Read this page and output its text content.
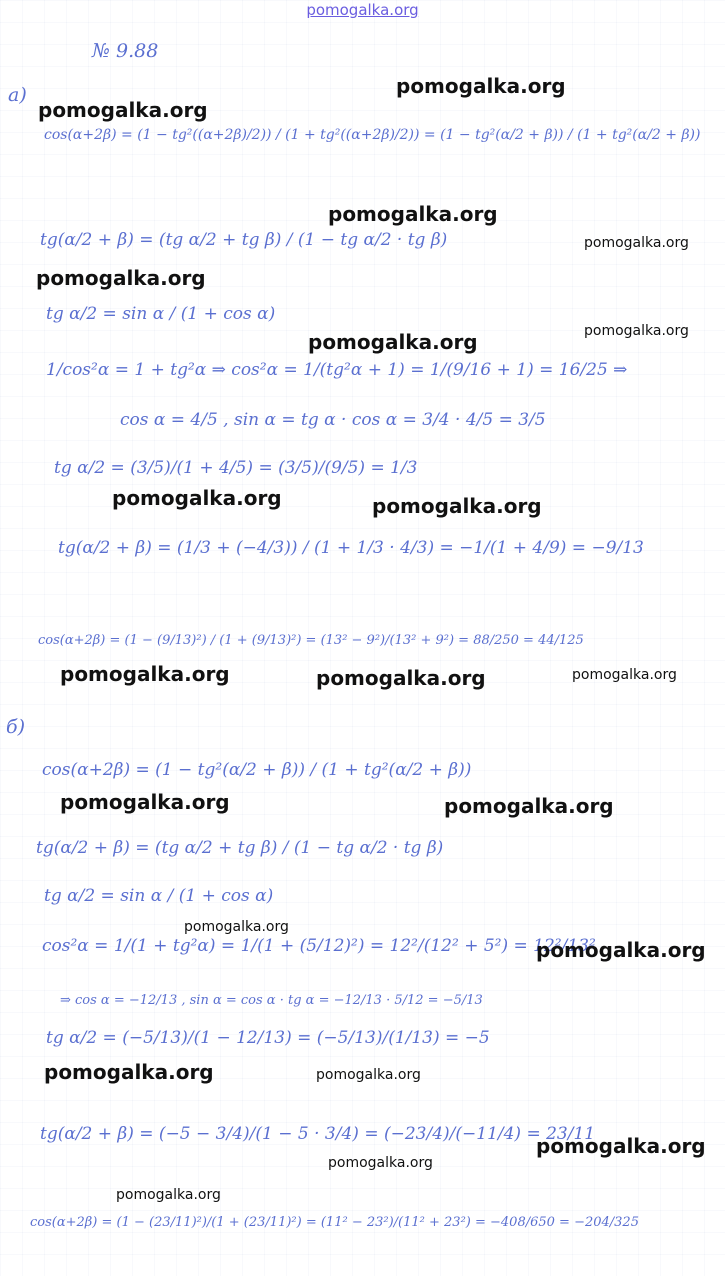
pomogalka.org
№ 9.88
а)
cos(α+2β) = (1 − tg²((α+2β)/2)) / (1 + tg²((α+2β)/2)) = (1 − tg²(α/2 + β)) / (1 + tg²(α/2 + β))
tg(α/2 + β) = (tg α/2 + tg β) / (1 − tg α/2 · tg β)
tg α/2 = sin α / (1 + cos α)
1/cos²α = 1 + tg²α ⇒ cos²α = 1/(tg²α + 1) = 1/(9/16 + 1) = 16/25 ⇒
cos α = 4/5 , sin α = tg α · cos α = 3/4 · 4/5 = 3/5
tg α/2 = (3/5)/(1 + 4/5) = (3/5)/(9/5) = 1/3
tg(α/2 + β) = (1/3 + (−4/3)) / (1 + 1/3 · 4/3) = −1/(1 + 4/9) = −9/13
cos(α+2β) = (1 − (9/13)²) / (1 + (9/13)²) = (13² − 9²)/(13² + 9²) = 88/250 = 44/125
б)
cos(α+2β) = (1 − tg²(α/2 + β)) / (1 + tg²(α/2 + β))
tg(α/2 + β) = (tg α/2 + tg β) / (1 − tg α/2 · tg β)
tg α/2 = sin α / (1 + cos α)
cos²α = 1/(1 + tg²α) = 1/(1 + (5/12)²) = 12²/(12² + 5²) = 12²/13²
⇒ cos α = −12/13 , sin α = cos α · tg α = −12/13 · 5/12 = −5/13
tg α/2 = (−5/13)/(1 − 12/13) = (−5/13)/(1/13) = −5
tg(α/2 + β) = (−5 − 3/4)/(1 − 5 · 3/4) = (−23/4)/(−11/4) = 23/11
cos(α+2β) = (1 − (23/11)²)/(1 + (23/11)²) = (11² − 23²)/(11² + 23²) = −408/650 = −204/325
pomogalka.org
pomogalka.org
pomogalka.org
pomogalka.org
pomogalka.org
pomogalka.org	pomogalka.org
pomogalka.org	pomogalka.org
pomogalka.org	pomogalka.org	pomogalka.org
pomogalka.org	pomogalka.org
pomogalka.org
pomogalka.org
pomogalka.org	pomogalka.org
pomogalka.org
pomogalka.org
pomogalka.org
